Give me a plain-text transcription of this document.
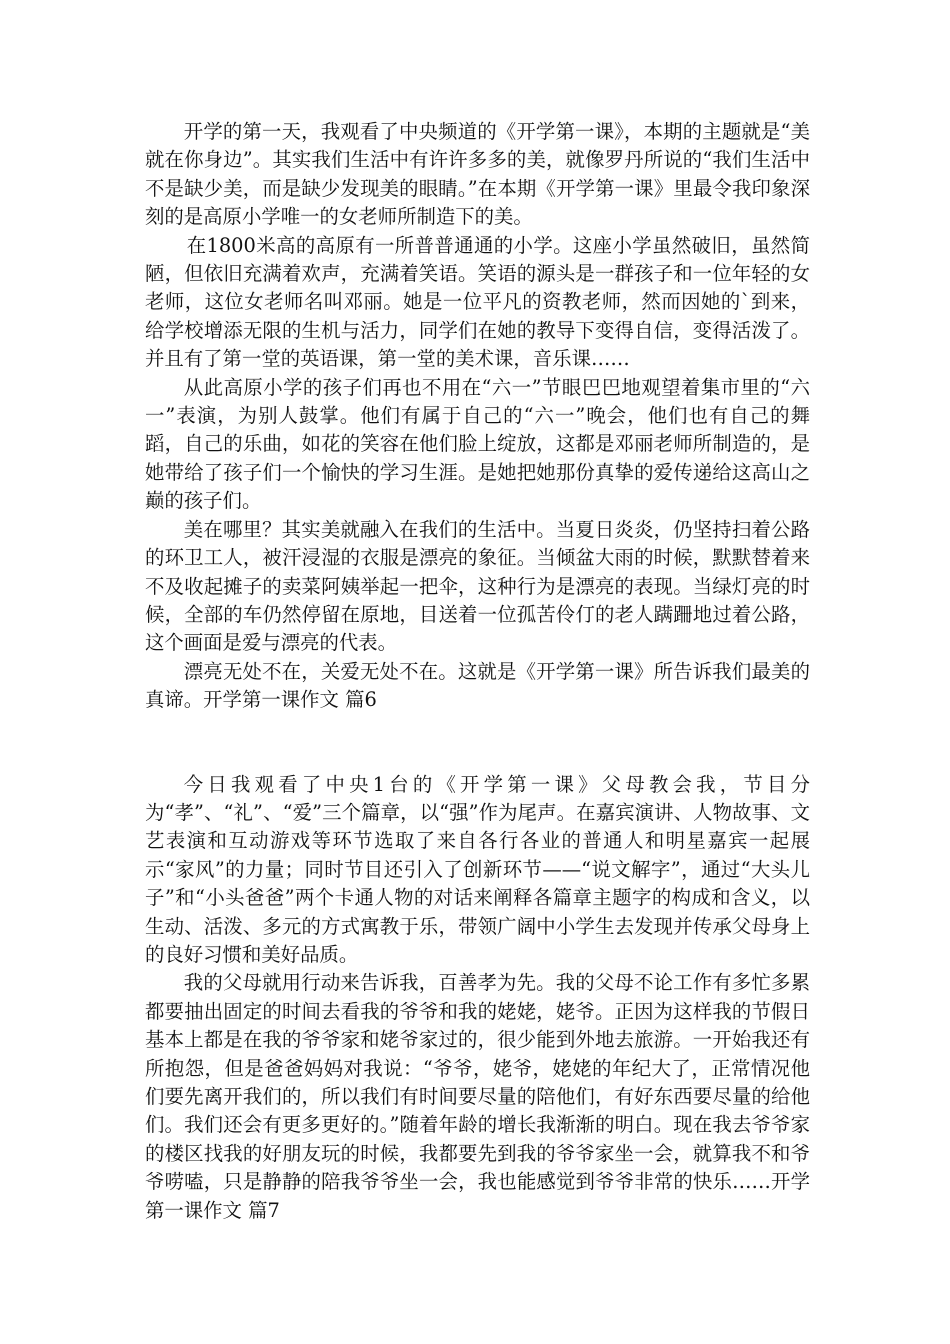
开学的第一天，我观看了中央频道的《开学第一课》，本期的主题就是“美就在你身边”。其实我们生活中有许许多多的美，就像罗丹所说的“我们生活中不是缺少美，而是缺少发现美的眼睛。”在本期《开学第一课》里最令我印象深刻的是高原小学唯一的女老师所制造下的美。

在1800米高的高原有一所普普通通的小学。这座小学虽然破旧，虽然简陋，但依旧充满着欢声，充满着笑语。笑语的源头是一群孩子和一位年轻的女老师，这位女老师名叫邓丽。她是一位平凡的资教老师，然而因她的`到来，给学校增添无限的生机与活力，同学们在她的教导下变得自信，变得活泼了。并且有了第一堂的英语课，第一堂的美术课，音乐课……

从此高原小学的孩子们再也不用在“六一”节眼巴巴地观望着集市里的“六一”表演，为别人鼓掌。他们有属于自己的“六一”晚会，他们也有自己的舞蹈，自己的乐曲，如花的笑容在他们脸上绽放，这都是邓丽老师所制造的，是她带给了孩子们一个愉快的学习生涯。是她把她那份真挚的爱传递给这高山之巅的孩子们。

美在哪里？其实美就融入在我们的生活中。当夏日炎炎，仍坚持扫着公路的环卫工人，被汗浸湿的衣服是漂亮的象征。当倾盆大雨的时候，默默替着来不及收起摊子的卖菜阿姨举起一把伞，这种行为是漂亮的表现。当绿灯亮的时候，全部的车仍然停留在原地，目送着一位孤苦伶仃的老人蹒跚地过着公路，这个画面是爱与漂亮的代表。

漂亮无处不在，关爱无处不在。这就是《开学第一课》所告诉我们最美的真谛。开学第一课作文 篇6

今日我观看了中央1台的《开学第一课》父母教会我，节目分为“孝”、“礼”、“爱”三个篇章，以“强”作为尾声。在嘉宾演讲、人物故事、文艺表演和互动游戏等环节选取了来自各行各业的普通人和明星嘉宾一起展示“家风”的力量；同时节目还引入了创新环节——“说文解字”，通过“大头儿子”和“小头爸爸”两个卡通人物的对话来阐释各篇章主题字的构成和含义，以生动、活泼、多元的方式寓教于乐，带领广阔中小学生去发现并传承父母身上的良好习惯和美好品质。

我的父母就用行动来告诉我，百善孝为先。我的父母不论工作有多忙多累都要抽出固定的时间去看我的爷爷和我的姥姥，姥爷。正因为这样我的节假日基本上都是在我的爷爷家和姥爷家过的，很少能到外地去旅游。一开始我还有所抱怨，但是爸爸妈妈对我说：“爷爷，姥爷，姥姥的年纪大了，正常情况他们要先离开我们的，所以我们有时间要尽量的陪他们，有好东西要尽量的给他们。我们还会有更多更好的。”随着年龄的增长我渐渐的明白。现在我去爷爷家的楼区找我的好朋友玩的时候，我都要先到我的爷爷家坐一会，就算我不和爷爷唠嗑，只是静静的陪我爷爷坐一会，我也能感觉到爷爷非常的快乐……开学第一课作文 篇7
